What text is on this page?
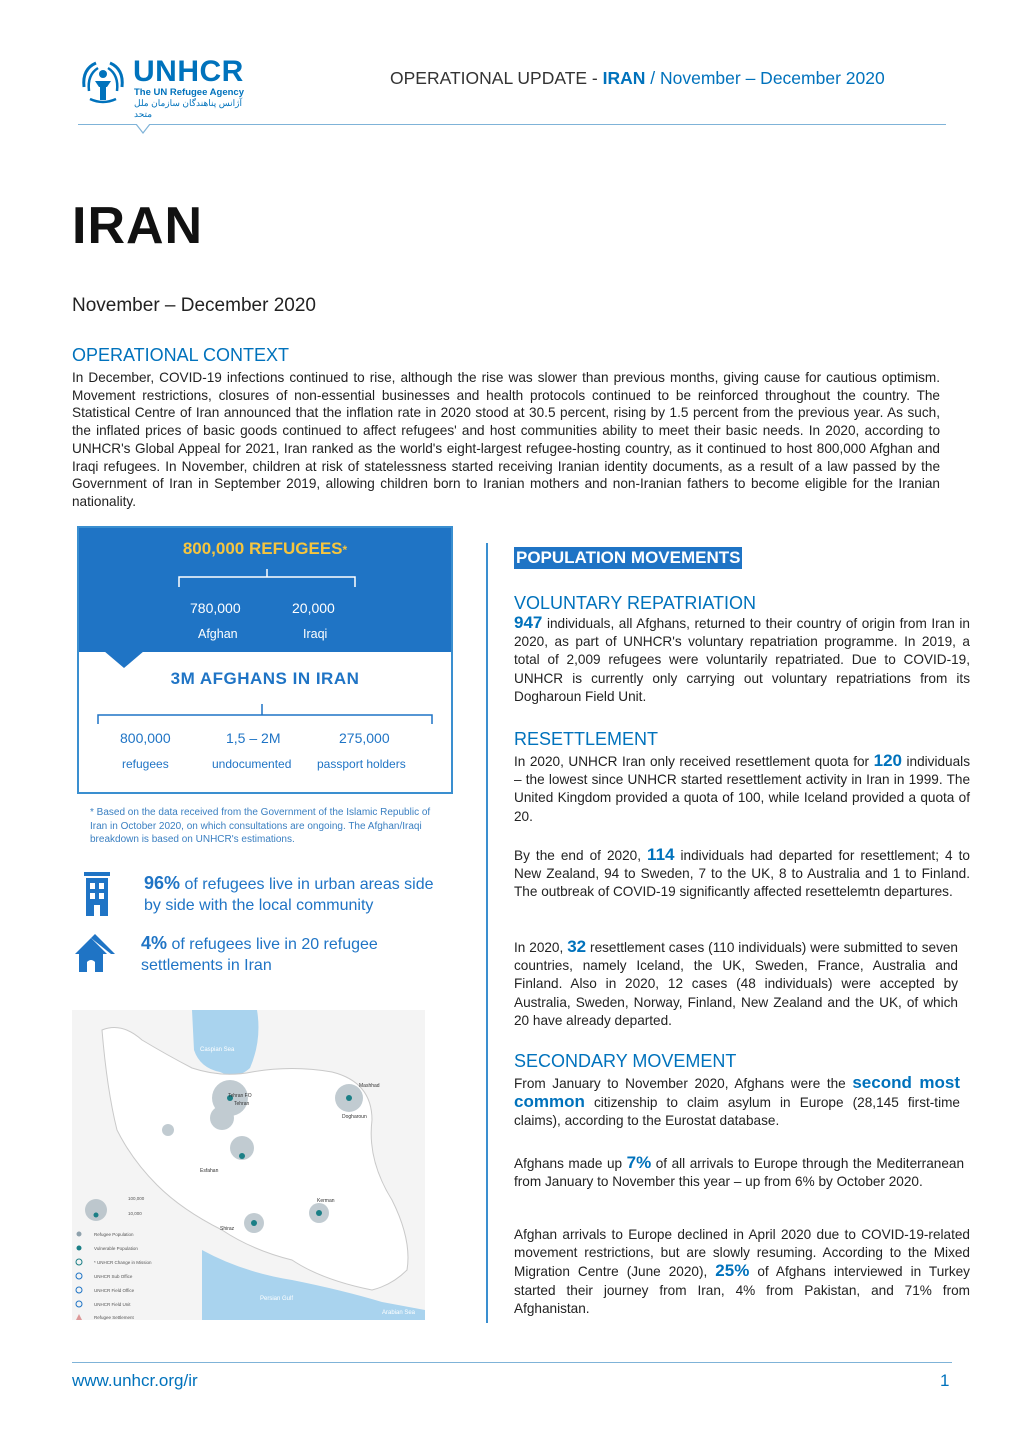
UNHCR
The UN Refugee Agency
آژانس پناهندگان سازمان ملل متحد
OPERATIONAL UPDATE - IRAN / November – December 2020
IRAN
November – December 2020
OPERATIONAL CONTEXT
In December, COVID-19 infections continued to rise, although the rise was slower than previous months, giving cause for cautious optimism. Movement restrictions, closures of non-essential businesses and health protocols continued to be reinforced throughout the country. The Statistical Centre of Iran announced that the inflation rate in 2020 stood at 30.5 percent, rising by 1.5 percent from the previous year. As such, the inflated prices of basic goods continued to affect refugees' and host communities ability to meet their basic needs. In 2020, according to UNHCR's Global Appeal for 2021, Iran ranked as the world's eight-largest refugee-hosting country, as it continued to host 800,000 Afghan and Iraqi refugees. In November, children at risk of statelessness started receiving Iranian identity documents, as a result of a law passed by the Government of Iran in September 2019, allowing children born to Iranian mothers and non-Iranian fathers to become eligible for the Iranian nationality.
800,000 REFUGEES*
780,000
Afghan
20,000
Iraqi
3M AFGHANS IN IRAN
800,000
refugees
1,5 – 2M
undocumented
275,000
passport holders
* Based on the data received from the Government of the Islamic Republic of Iran in October 2020, on which consultations are ongoing. The Afghan/Iraqi breakdown is based on UNHCR's estimations.
96% of refugees live in urban areas side by side with the local community
4% of refugees live in 20 refugee settlements in Iran
Caspian Sea
Persian Gulf
Arabian Sea
Tehran FO
Tehran
Mashhad
Dogharoun
Esfahan
Kerman
Shiraz
100,000
10,000
Refugee Population
Vulnerable Population
* UNHCR Change in Mission
UNHCR Sub Office
UNHCR Field Office
UNHCR Field Unit
Refugee Settlement
POPULATION MOVEMENTS
VOLUNTARY REPATRIATION
947 individuals, all Afghans, returned to their country of origin from Iran in 2020, as part of UNHCR's voluntary repatriation programme. In 2019, a total of 2,009 refugees were voluntarily repatriated. Due to COVID-19, UNHCR is currently only carrying out voluntary repatriations from its Dogharoun Field Unit.
RESETTLEMENT
In 2020, UNHCR Iran only received resettlement quota for 120 individuals – the lowest since UNHCR started resettlement activity in Iran in 1999. The United Kingdom provided a quota of 100, while Iceland provided a quota of 20.
By the end of 2020, 114 individuals had departed for resettlement; 4 to New Zealand, 94 to Sweden, 7 to the UK, 8 to Australia and 1 to Finland. The outbreak of COVID-19 significantly affected resettelemtn departures.
In 2020, 32 resettlement cases (110 individuals) were submitted to seven countries, namely Iceland, the UK, Sweden, France, Australia and Finland. Also in 2020, 12 cases (48 individuals) were accepted by Australia, Sweden, Norway, Finland, New Zealand and the UK, of which 20 have already departed.
SECONDARY MOVEMENT
From January to November 2020, Afghans were the second most common citizenship to claim asylum in Europe (28,145 first-time claims), according to the Eurostat database.
Afghans made up 7% of all arrivals to Europe through the Mediterranean from January to November this year – up from 6% by October 2020.
Afghan arrivals to Europe declined in April 2020 due to COVID-19-related movement restrictions, but are slowly resuming. According to the Mixed Migration Centre (June 2020), 25% of Afghans interviewed in Turkey started their journey from Iran, 4% from Pakistan, and 71% from Afghanistan.
www.unhcr.org/ir	1
